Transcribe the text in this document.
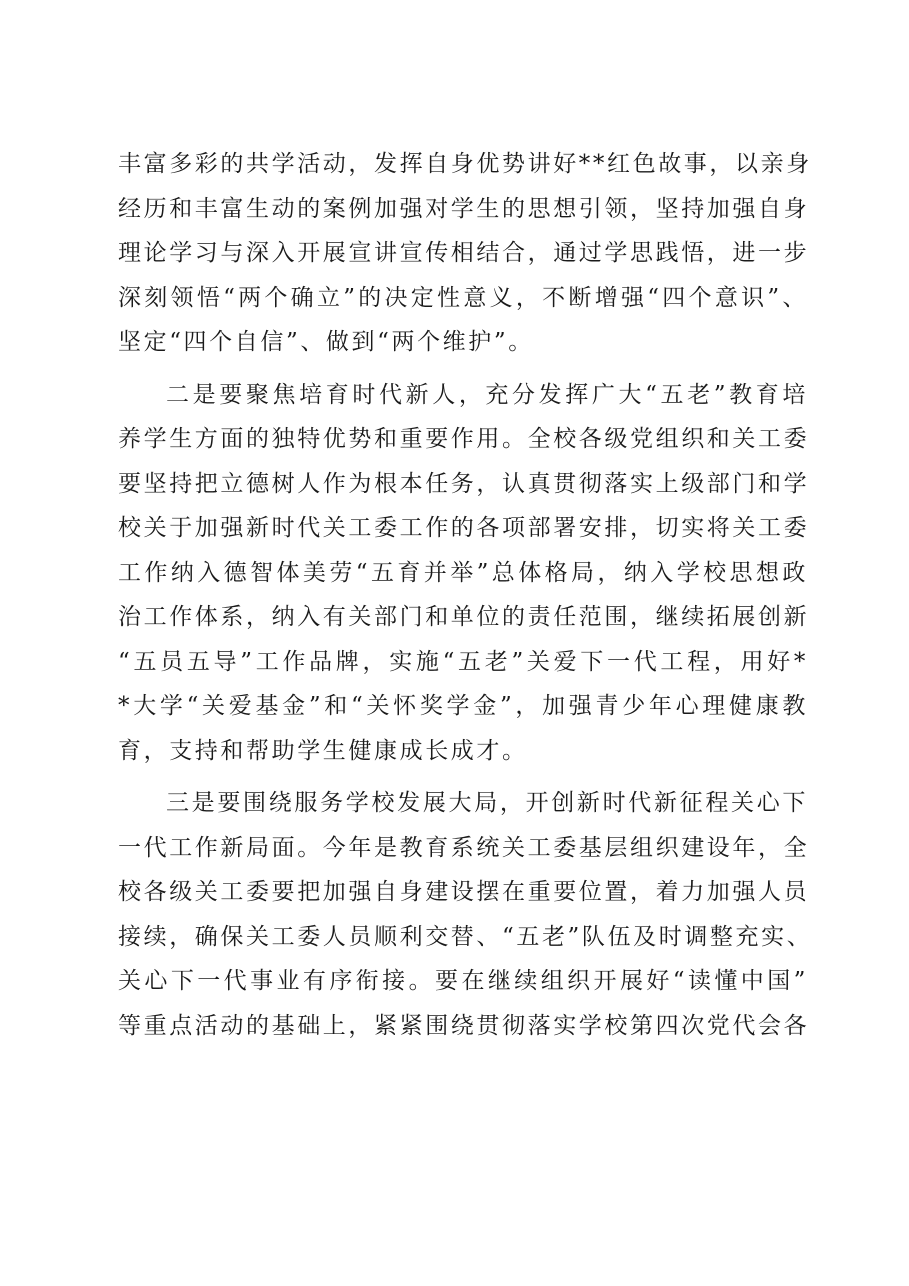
丰富多彩的共学活动，发挥自身优势讲好**红色故事，以亲身
经历和丰富生动的案例加强对学生的思想引领，坚持加强自身
理论学习与深入开展宣讲宣传相结合，通过学思践悟，进一步
深刻领悟“两个确立”的决定性意义，不断增强“四个意识”、
坚定“四个自信”、做到“两个维护”。
二是要聚焦培育时代新人，充分发挥广大“五老”教育培
养学生方面的独特优势和重要作用。全校各级党组织和关工委
要坚持把立德树人作为根本任务，认真贯彻落实上级部门和学
校关于加强新时代关工委工作的各项部署安排，切实将关工委
工作纳入德智体美劳“五育并举”总体格局，纳入学校思想政
治工作体系，纳入有关部门和单位的责任范围，继续拓展创新
“五员五导”工作品牌，实施“五老”关爱下一代工程，用好*
*大学“关爱基金”和“关怀奖学金”，加强青少年心理健康教
育，支持和帮助学生健康成长成才。
三是要围绕服务学校发展大局，开创新时代新征程关心下
一代工作新局面。今年是教育系统关工委基层组织建设年，全
校各级关工委要把加强自身建设摆在重要位置，着力加强人员
接续，确保关工委人员顺利交替、“五老”队伍及时调整充实、
关心下一代事业有序衔接。要在继续组织开展好“读懂中国”
等重点活动的基础上，紧紧围绕贯彻落实学校第四次党代会各
